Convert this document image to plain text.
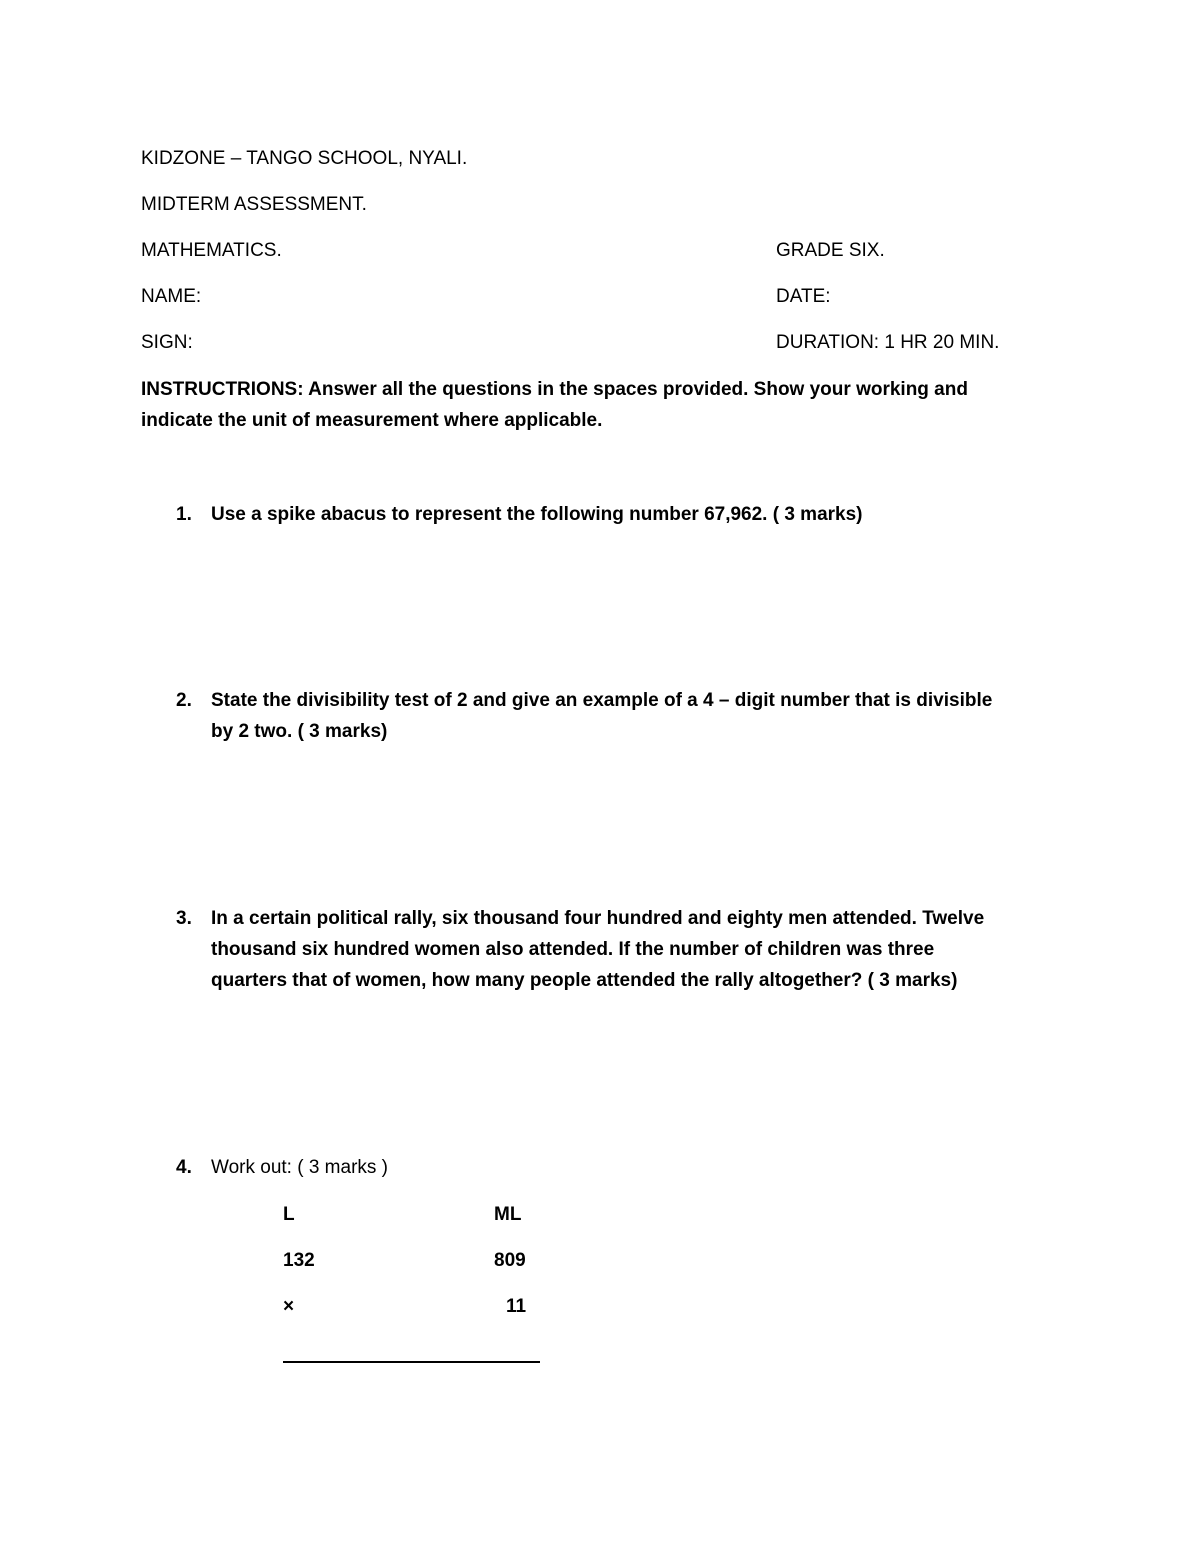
KIDZONE – TANGO SCHOOL, NYALI.
MIDTERM ASSESSMENT.
MATHEMATICS.	GRADE SIX.
NAME:	DATE:
SIGN:	DURATION: 1 HR 20 MIN.
INSTRUCTRIONS: Answer all the questions in the spaces provided. Show your working and
indicate the unit of measurement where applicable.
1. Use a spike abacus to represent the following number 67,962. ( 3 marks)
2. State the divisibility test of 2 and give an example of a 4 – digit number that is divisible
by 2 two. ( 3 marks)
3. In a certain political rally, six thousand four hundred and eighty men attended. Twelve
thousand six hundred women also attended. If the number of children was three
quarters that of women, how many people attended the rally altogether? ( 3 marks)
4. Work out: ( 3 marks )
L	ML
132	809
×	11
